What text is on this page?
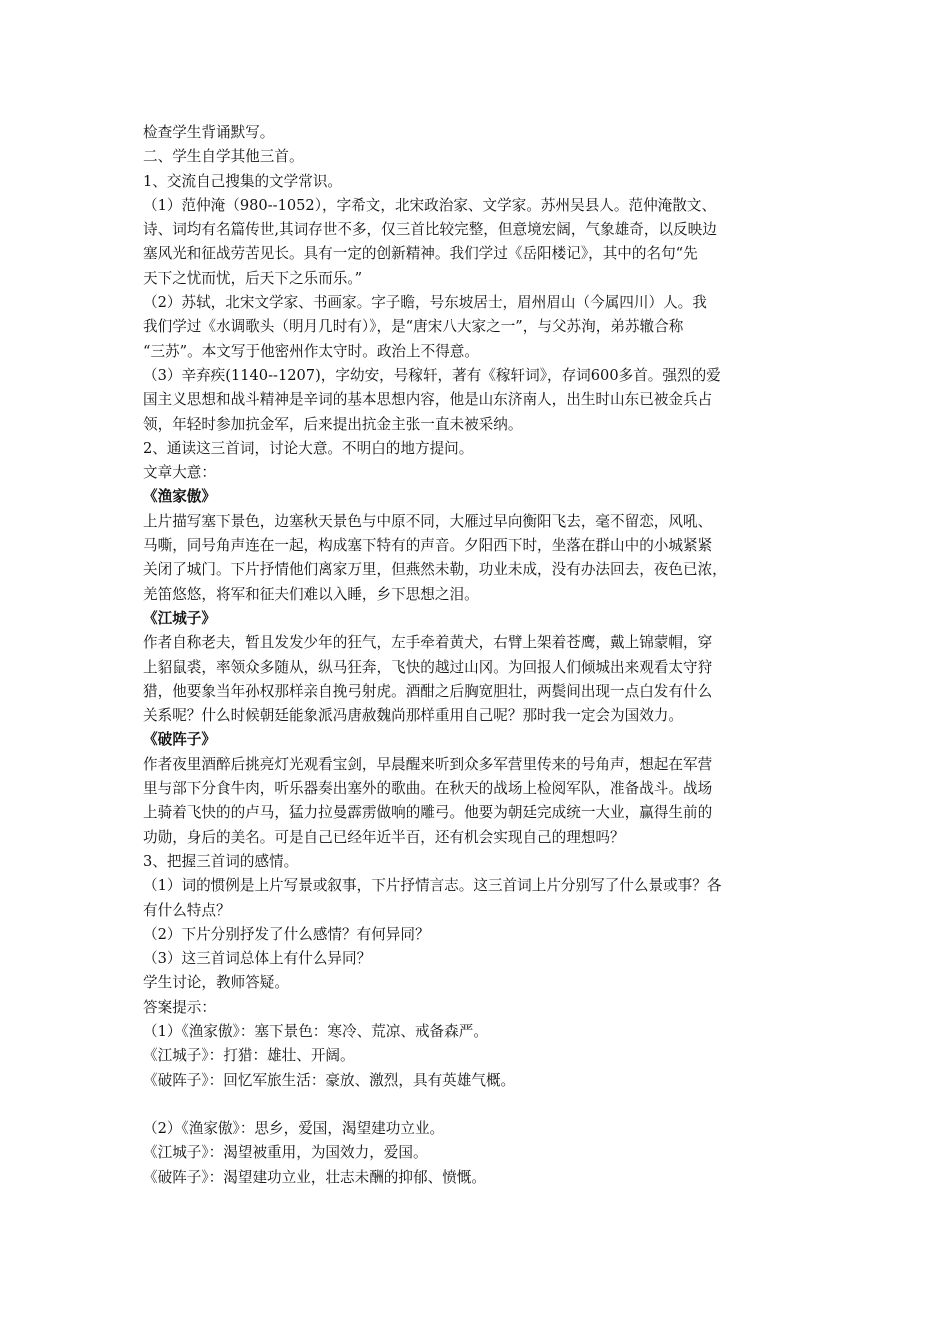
检查学生背诵默写。
二、学生自学其他三首。
1、交流自己搜集的文学常识。
（1）范仲淹（980--1052），字希文，北宋政治家、文学家。苏州吴县人。范仲淹散文、
诗、词均有名篇传世,其词存世不多，仅三首比较完整，但意境宏阔，气象雄奇，以反映边
塞风光和征战劳苦见长。具有一定的创新精神。我们学过《岳阳楼记》，其中的名句“先
天下之忧而忧，后天下之乐而乐。”
（2）苏轼，北宋文学家、书画家。字子瞻，号东坡居士，眉州眉山（今属四川）人。我
我们学过《水调歌头（明月几时有）》，是“唐宋八大家之一”，与父苏洵，弟苏辙合称
“三苏”。本文写于他密州作太守时。政治上不得意。
（3）辛弃疾(1140--1207)，字幼安，号稼轩，著有《稼轩词》，存词600多首。强烈的爱
国主义思想和战斗精神是辛词的基本思想内容，他是山东济南人，出生时山东已被金兵占
领，年轻时参加抗金军，后来提出抗金主张一直未被采纳。
2、通读这三首词，讨论大意。不明白的地方提问。
文章大意：
《渔家傲》
上片描写塞下景色，边塞秋天景色与中原不同，大雁过早向衡阳飞去，毫不留恋，风吼、
马嘶，同号角声连在一起，构成塞下特有的声音。夕阳西下时，坐落在群山中的小城紧紧
关闭了城门。下片抒情他们离家万里，但燕然未勒，功业未成，没有办法回去，夜色已浓，
羌笛悠悠，将军和征夫们难以入睡，乡下思想之泪。
《江城子》
作者自称老夫，暂且发发少年的狂气，左手牵着黄犬，右臂上架着苍鹰，戴上锦蒙帽，穿
上貂鼠裘，率领众多随从，纵马狂奔，飞快的越过山冈。为回报人们倾城出来观看太守狩
猎，他要象当年孙权那样亲自挽弓射虎。酒酣之后胸宽胆壮，两鬓间出现一点白发有什么
关系呢？什么时候朝廷能象派冯唐赦魏尚那样重用自己呢？那时我一定会为国效力。
《破阵子》
作者夜里酒醉后挑亮灯光观看宝剑，早晨醒来听到众多军营里传来的号角声，想起在军营
里与部下分食牛肉，听乐器奏出塞外的歌曲。在秋天的战场上检阅军队，准备战斗。战场
上骑着飞快的的卢马，猛力拉曼霹雳做响的雕弓。他要为朝廷完成统一大业，赢得生前的
功勋，身后的美名。可是自己已经年近半百，还有机会实现自己的理想吗？
3、把握三首词的感情。
（1）词的惯例是上片写景或叙事，下片抒情言志。这三首词上片分别写了什么景或事？各
有什么特点？
（2）下片分别抒发了什么感情？有何异同？
（3）这三首词总体上有什么异同？
学生讨论，教师答疑。
答案提示：
（1）《渔家傲》：塞下景色：寒冷、荒凉、戒备森严。
《江城子》：打猎：雄壮、开阔。
《破阵子》：回忆军旅生活：豪放、激烈，具有英雄气概。
（2）《渔家傲》：思乡，爱国，渴望建功立业。
《江城子》：渴望被重用，为国效力，爱国。
《破阵子》：渴望建功立业，壮志未酬的抑郁、愤慨。
